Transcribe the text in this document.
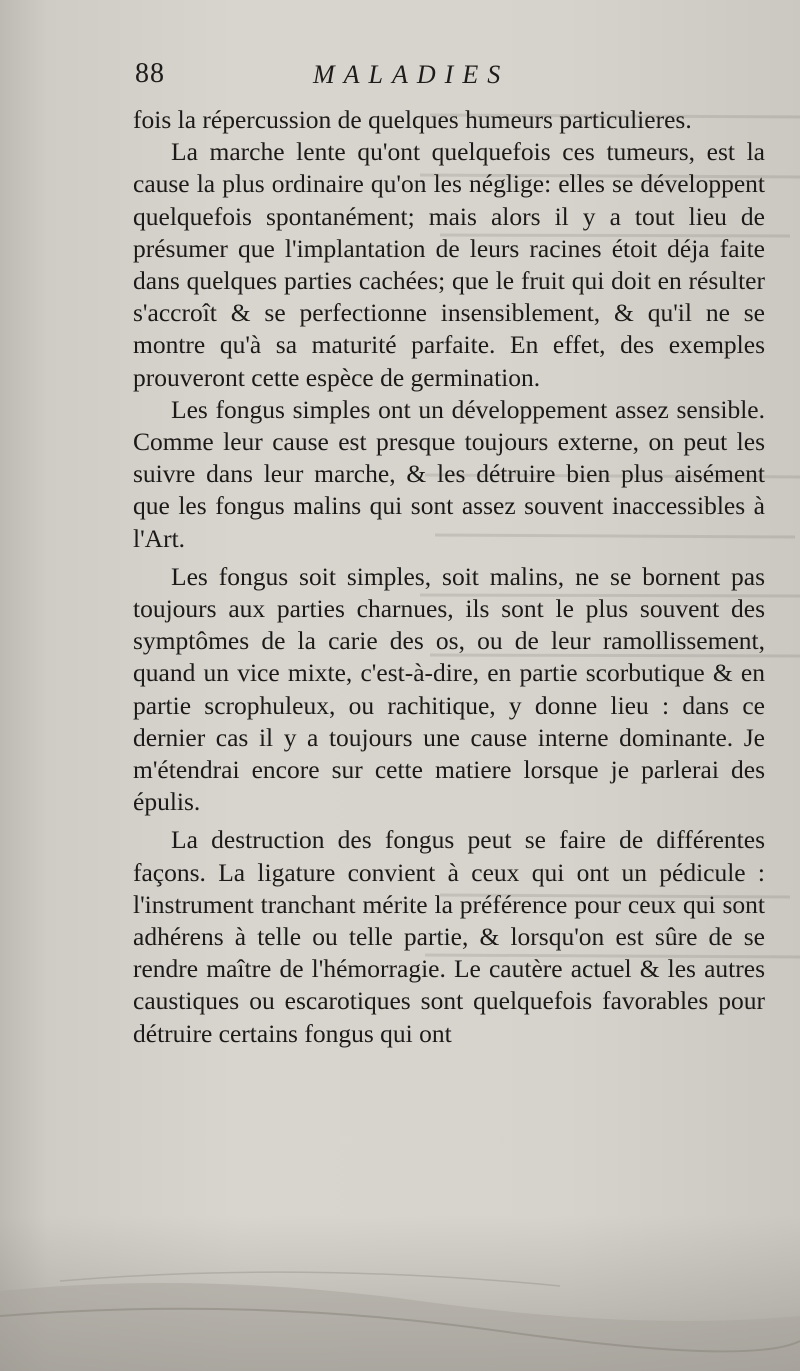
88	MALADIES

fois la répercussion de quelques humeurs particulieres.

La marche lente qu'ont quelquefois ces tumeurs, est la cause la plus ordinaire qu'on les néglige: elles se développent quelquefois spontanément; mais alors il y a tout lieu de présumer que l'implantation de leurs racines étoit déja faite dans quelques parties cachées; que le fruit qui doit en résulter s'accroît & se perfectionne insensiblement, & qu'il ne se montre qu'à sa maturité parfaite. En effet, des exemples prouveront cette espèce de germination.

Les fongus simples ont un développement assez sensible. Comme leur cause est presque toujours externe, on peut les suivre dans leur marche, & les détruire bien plus aisément que les fongus malins qui sont assez souvent inaccessibles à l'Art.

Les fongus soit simples, soit malins, ne se bornent pas toujours aux parties charnues, ils sont le plus souvent des symptômes de la carie des os, ou de leur ramollissement, quand un vice mixte, c'est-à-dire, en partie scorbutique & en partie scrophuleux, ou rachitique, y donne lieu : dans ce dernier cas il y a toujours une cause interne dominante. Je m'étendrai encore sur cette matiere lorsque je parlerai des épulis.

La destruction des fongus peut se faire de différentes façons. La ligature convient à ceux qui ont un pédicule : l'instrument tranchant mérite la préférence pour ceux qui sont adhérens à telle ou telle partie, & lorsqu'on est sûre de se rendre maître de l'hémorragie. Le cautère actuel & les autres caustiques ou escarotiques sont quelquefois favorables pour détruire certains fongus qui ont
